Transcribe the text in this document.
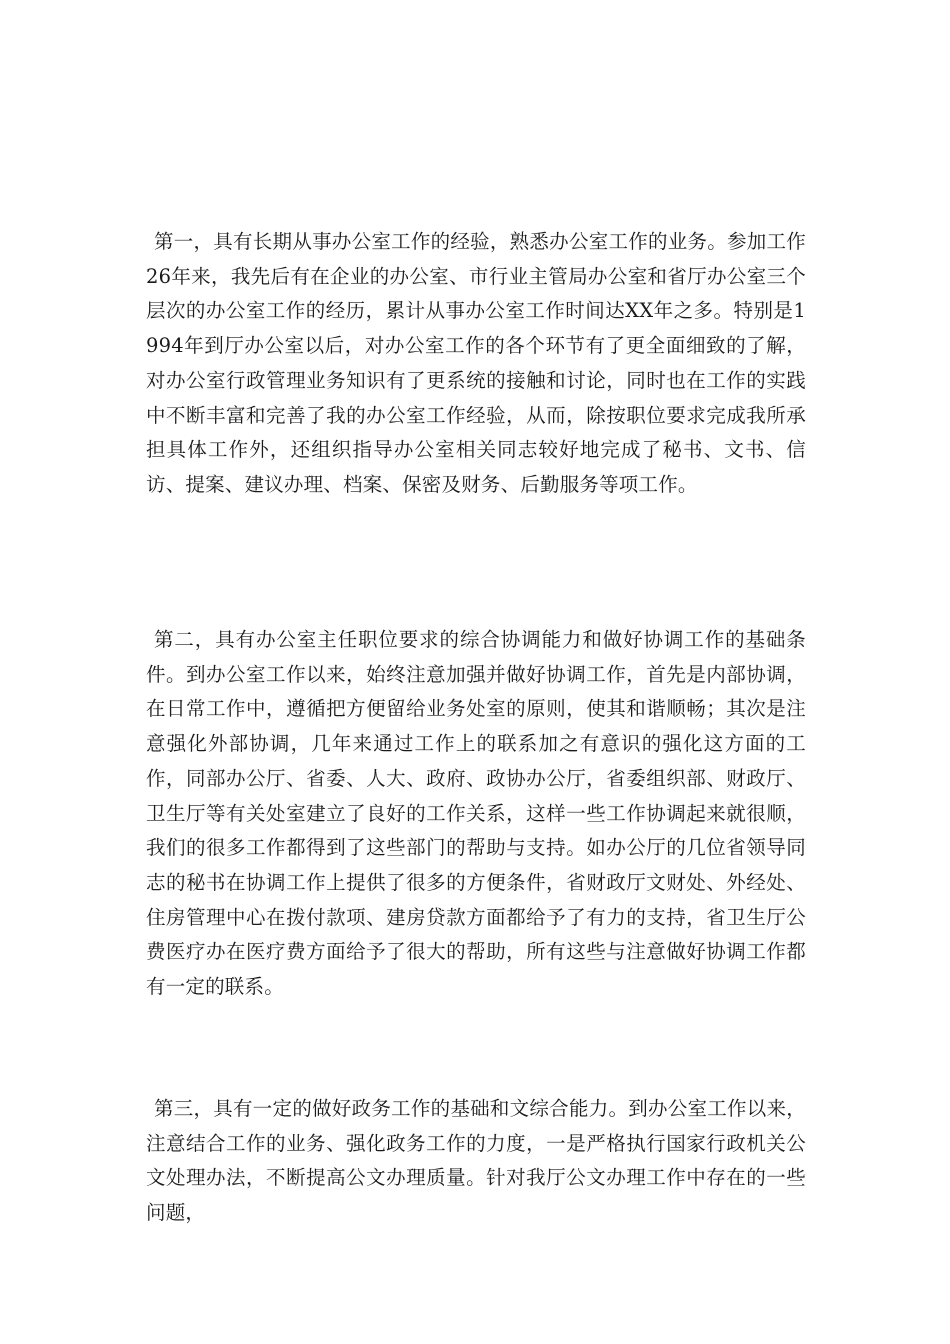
第一，具有长期从事办公室工作的经验，熟悉办公室工作的业务。参加工作26年来，我先后有在企业的办公室、市行业主管局办公室和省厅办公室三个层次的办公室工作的经历，累计从事办公室工作时间达XX年之多。特别是1994年到厅办公室以后，对办公室工作的各个环节有了更全面细致的了解，对办公室行政管理业务知识有了更系统的接触和讨论，同时也在工作的实践中不断丰富和完善了我的办公室工作经验，从而，除按职位要求完成我所承担具体工作外，还组织指导办公室相关同志较好地完成了秘书、文书、信访、提案、建议办理、档案、保密及财务、后勤服务等项工作。

第二，具有办公室主任职位要求的综合协调能力和做好协调工作的基础条件。到办公室工作以来，始终注意加强并做好协调工作，首先是内部协调，在日常工作中，遵循把方便留给业务处室的原则，使其和谐顺畅；其次是注意强化外部协调，几年来通过工作上的联系加之有意识的强化这方面的工作，同部办公厅、省委、人大、政府、政协办公厅，省委组织部、财政厅、卫生厅等有关处室建立了良好的工作关系，这样一些工作协调起来就很顺，我们的很多工作都得到了这些部门的帮助与支持。如办公厅的几位省领导同志的秘书在协调工作上提供了很多的方便条件，省财政厅文财处、外经处、住房管理中心在拨付款项、建房贷款方面都给予了有力的支持，省卫生厅公费医疗办在医疗费方面给予了很大的帮助，所有这些与注意做好协调工作都有一定的联系。

第三，具有一定的做好政务工作的基础和文综合能力。到办公室工作以来，注意结合工作的业务、强化政务工作的力度，一是严格执行国家行政机关公文处理办法，不断提高公文办理质量。针对我厅公文办理工作中存在的一些问题，
